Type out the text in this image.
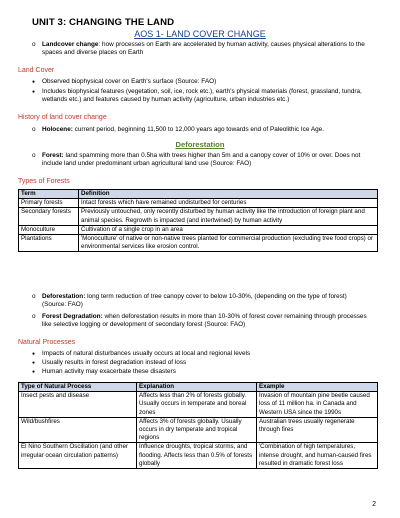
UNIT 3: CHANGING THE LAND
AOS 1- LAND COVER CHANGE
o	Landcover change: how processes on Earth are accelerated by human activity, causes physical alterations to the spaces and diverse places on Earth
Land Cover
●	Observed biophysical cover on Earth's surface (Source: FAO)
●	Includes biophysical features (vegetation, soil, ice, rock etc.), earth's physical materials (forest, grassland, tundra, wetlands etc.) and features caused by human activity (agriculture, urban industries etc.)
History of land cover change
o	Holocene: current period, beginning 11,500 to 12,000 years ago towards end of Paleolithic Ice Age.
Deforestation
o	Forest: land spamming more than 0.5ha with trees higher than 5m and a canopy cover of 10% or over. Does not include land under predominant urban agricultural land use (Source: FAO)
Types of Forests
Term	Definition
Primary forests	Intact forests which have remained undisturbed for centuries
Secondary forests	Previously untouched, only recently disturbed by human activity like the introduction of foreign plant and animal species. Regrowth is impacted (and intertwined) by human activity
Monoculture	Cultivation of a single crop in an area
Plantations	'Monoculture' of native or non-native trees planted for commercial production (excluding tree food crops) or environmental services like erosion control.
o	Deforestation: long term reduction of tree canopy cover to below 10-30%, (depending on the type of forest) (Source: FAO)
o	Forest Degradation: when deforestation results in more than 10-30% of forest cover remaining through processes like selective logging or development of secondary forest (Source: FAO)
Natural Processes
●	Impacts of natural disturbances usually occurs at local and regional levels
●	Usually results in forest degradation instead of loss
●	Human activity may exacerbate these disasters
Type of Natural Process	Explanation	Example
Insect pests and disease	Affects less than 2% of forests globally. Usually occurs in temperate and boreal zones	Invasion of mountain pine beetle caused loss of 11 million ha. in Canada and Western USA since the 1990s
Wild/bushfires	Affects 3% of forests globally. Usually occurs in dry temperate and tropical regions	Australian trees usually regenerate through fires
El Nino Southern Oscillation (and other irregular ocean circulation patterns)	Influence droughts, tropical storms, and flooding. Affects less than 0.5% of forests globally	'Combination of high temperatures, intense drought, and human-caused fires resulted in dramatic forest loss
2
